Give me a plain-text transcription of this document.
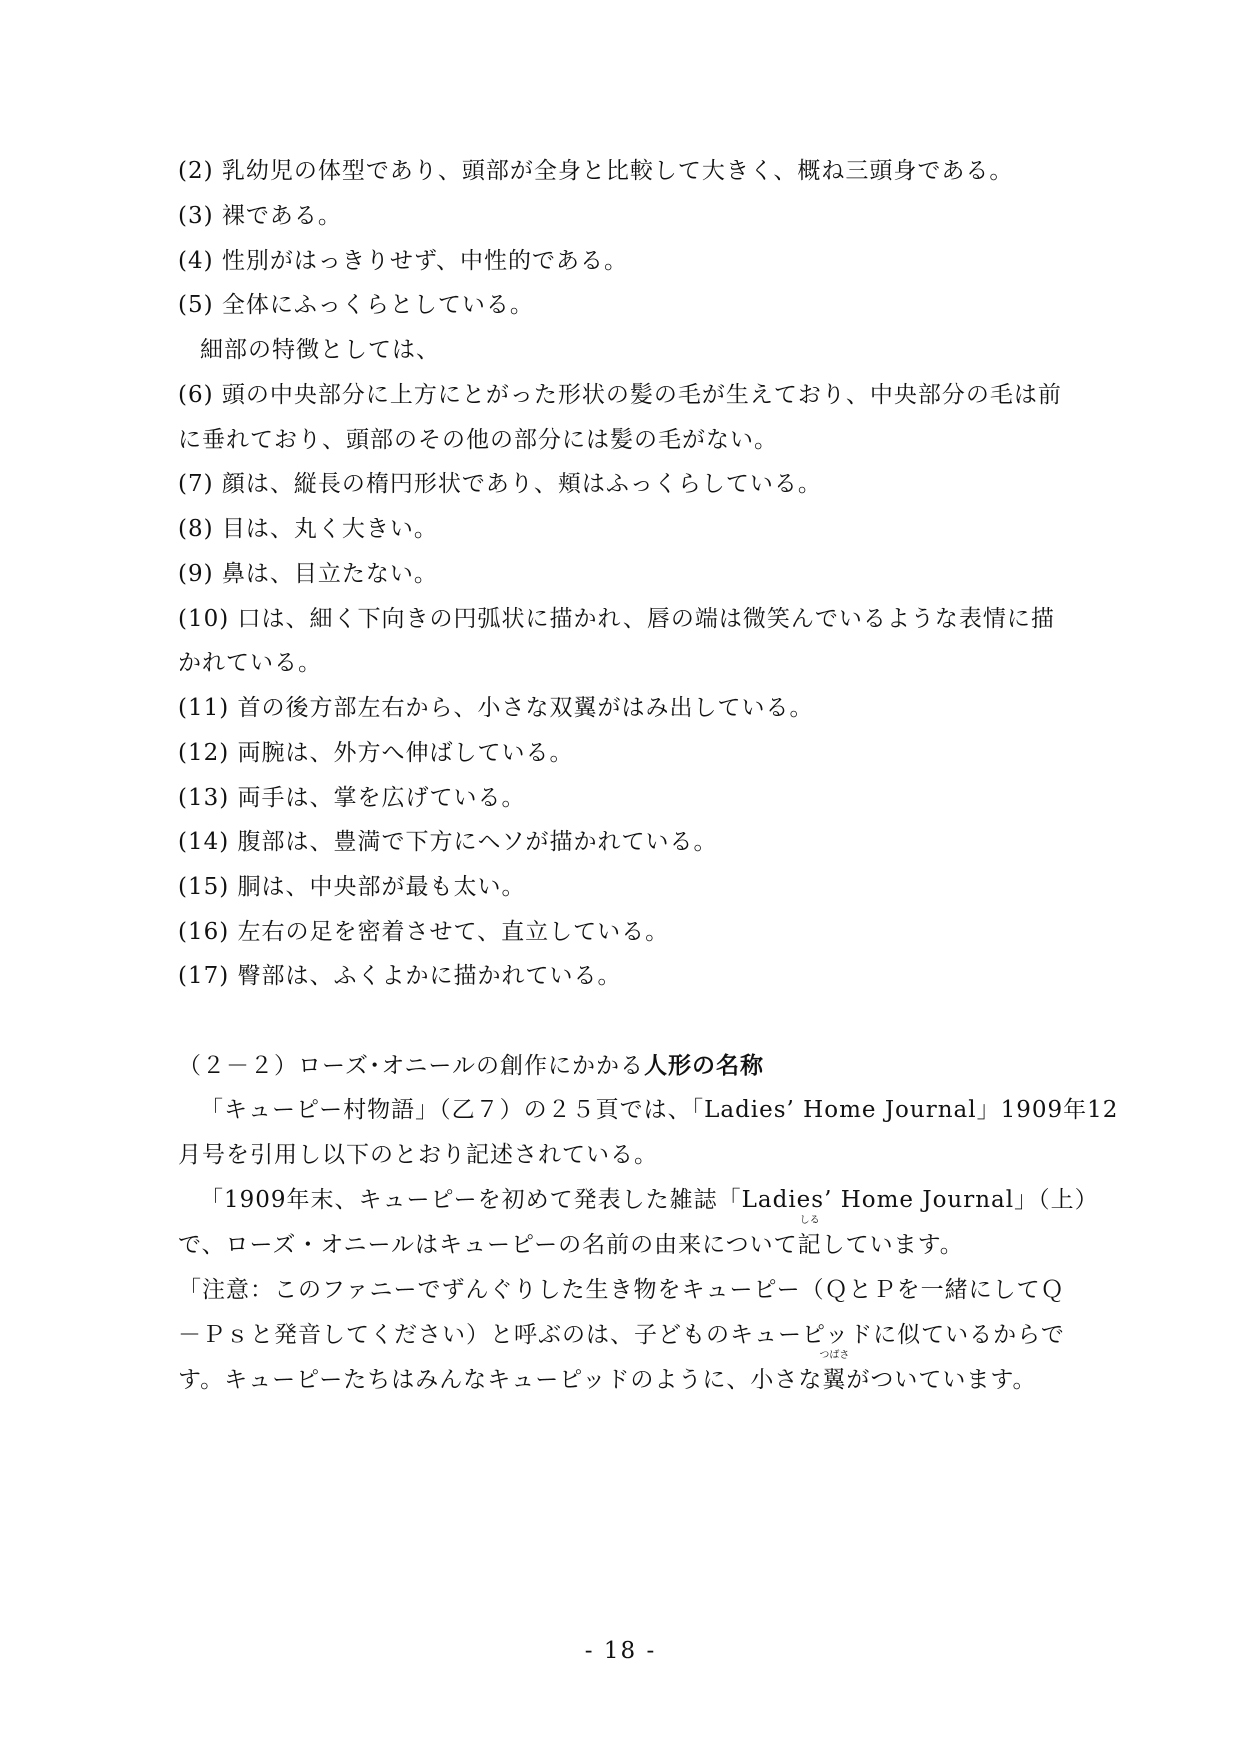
(2) 乳幼児の体型であり、頭部が全身と比較して大きく、概ね三頭身である。
(3) 裸である。
(4) 性別がはっきりせず、中性的である。
(5) 全体にふっくらとしている。
細部の特徴としては、
(6) 頭の中央部分に上方にとがった形状の髪の毛が生えており、中央部分の毛は前
に垂れており、頭部のその他の部分には髪の毛がない。
(7) 顔は、縦長の楕円形状であり、頬はふっくらしている。
(8) 目は、丸く大きい。
(9) 鼻は、目立たない。
(10) 口は、細く下向きの円弧状に描かれ、唇の端は微笑んでいるような表情に描
かれている。
(11) 首の後方部左右から、小さな双翼がはみ出している。
(12) 両腕は、外方へ伸ばしている。
(13) 両手は、掌を広げている。
(14) 腹部は、豊満で下方にヘソが描かれている。
(15) 胴は、中央部が最も太い。
(16) 左右の足を密着させて、直立している。
(17) 臀部は、ふくよかに描かれている。
（２－２）ローズ･オニールの創作にかかる人形の名称
「キューピー村物語」（乙７）の２５頁では、「Ladies’ Home Journal」1909年12
月号を引用し以下のとおり記述されている。
「1909年末、キューピーを初めて発表した雑誌「Ladies’ Home Journal」（上）
で、ローズ・オニールはキューピーの名前の由来について
しる
記しています。
「注意：このファニーでずんぐりした生き物をキューピー（ＱとＰを一緒にしてＱ
－Ｐｓと発音してください）と呼ぶのは、子どものキューピッドに似ているからで
す。キューピーたちはみんなキューピッドのように、小さな
つばさ
翼がついています。
- 18 -
